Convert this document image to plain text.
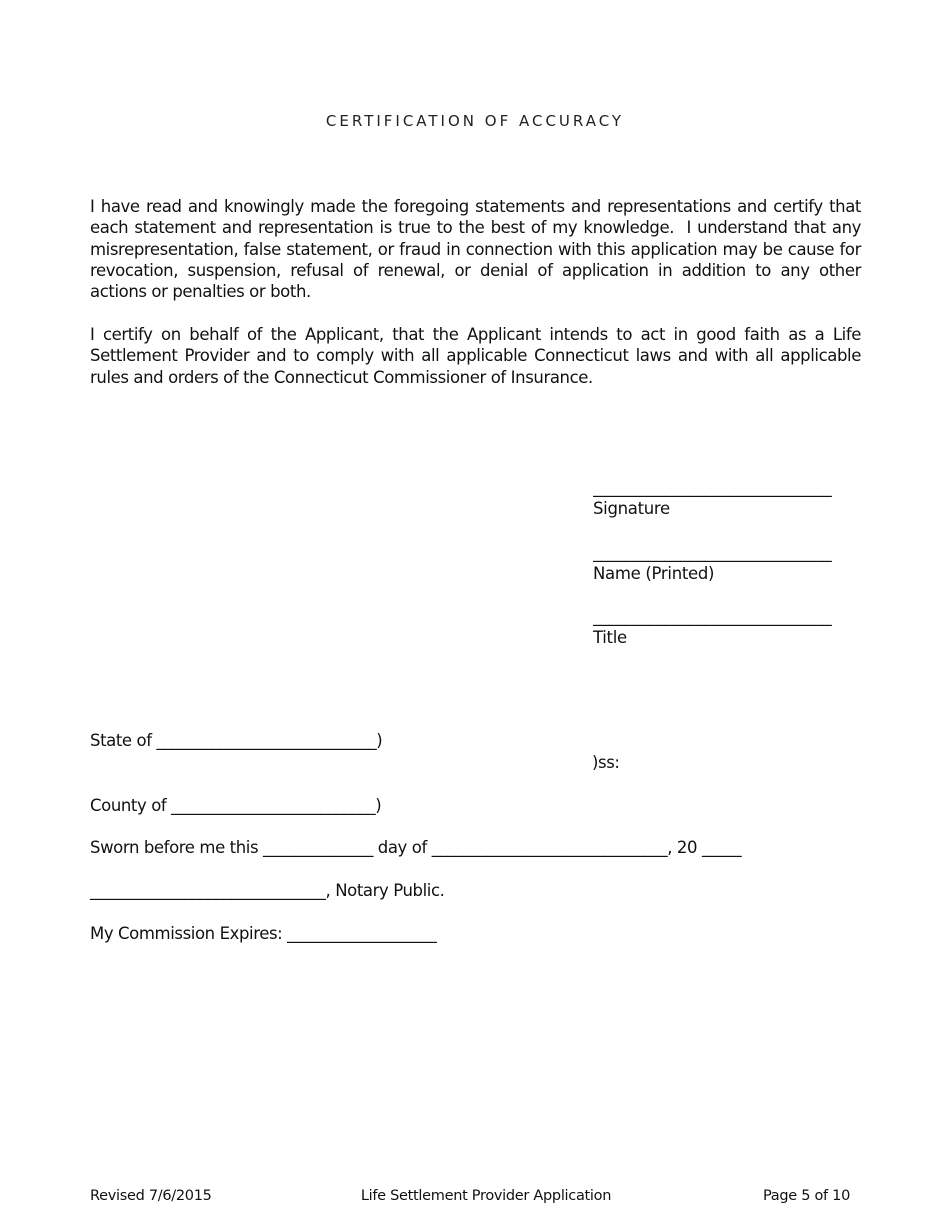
CERTIFICATION OF ACCURACY
I have read and knowingly made the foregoing statements and representations and certify that each statement and representation is true to the best of my knowledge.  I understand that any misrepresentation, false statement, or fraud in connection with this application may be cause for revocation, suspension, refusal of renewal, or denial of application in addition to any other actions or penalties or both.
I certify on behalf of the Applicant, that the Applicant intends to act in good faith as a Life Settlement Provider and to comply with all applicable Connecticut laws and with all applicable rules and orders of the Connecticut Commissioner of Insurance.
______________________________
Signature
______________________________
Name (Printed)
______________________________
Title
State of ____________________________)
)ss:
County of __________________________)
Sworn before me this ______________ day of ______________________________, 20 _____
______________________________, Notary Public.
My Commission Expires: ___________________
Revised 7/6/2015	Life Settlement Provider Application	Page 5 of 10
